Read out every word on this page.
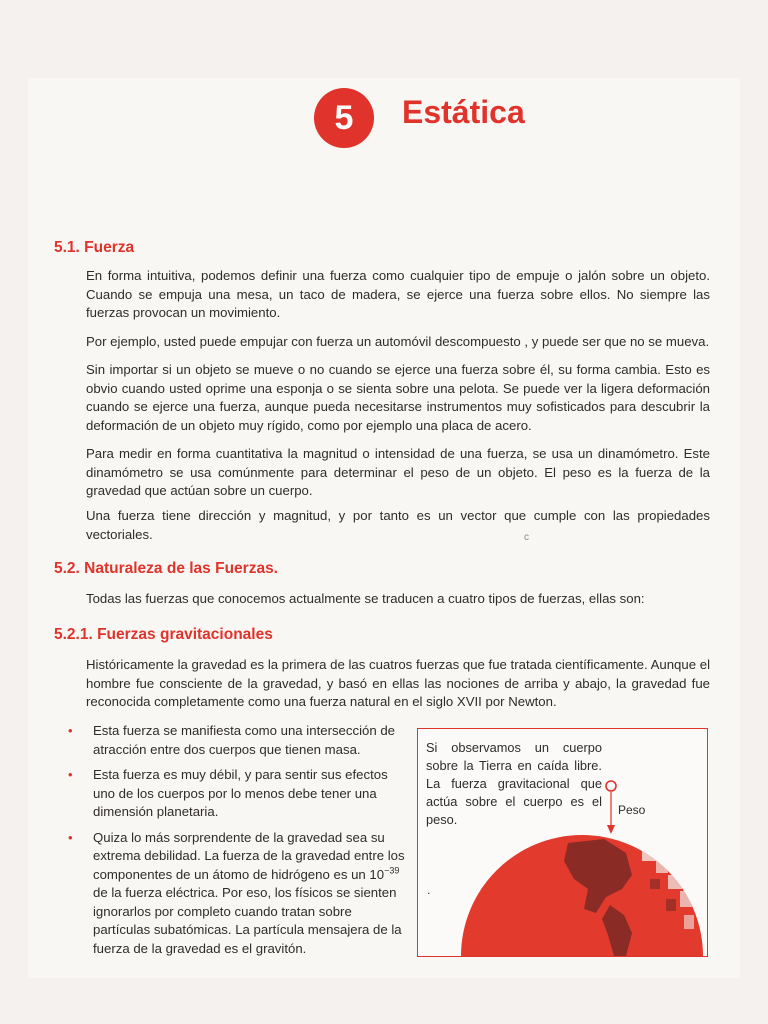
5	Estática
5.1. Fuerza

En forma intuitiva, podemos definir una fuerza como cualquier tipo de empuje o jalón sobre un objeto. Cuando se empuja una mesa, un taco de madera, se ejerce una fuerza sobre ellos. No siempre las fuerzas provocan un movimiento.

Por ejemplo, usted puede empujar con fuerza un automóvil descompuesto , y puede ser que no se mueva.

Sin importar si un objeto se mueve o no cuando se ejerce una fuerza sobre él, su forma cambia. Esto es obvio cuando usted oprime una esponja o se sienta sobre una pelota. Se puede ver la ligera deformación cuando se ejerce una fuerza, aunque pueda necesitarse instrumentos muy sofisticados para descubrir la deformación de un objeto muy rígido, como por ejemplo una placa de acero.

Para medir en forma cuantitativa la magnitud o intensidad de una fuerza, se usa un dinamómetro. Este dinamómetro se usa comúnmente para determinar el peso de un objeto. El peso es la fuerza de la gravedad que actúan sobre un cuerpo.

Una fuerza tiene dirección y magnitud, y por tanto es un vector que cumple con las propiedades vectoriales.	c
5.2. Naturaleza de las Fuerzas.

Todas las fuerzas que conocemos actualmente se traducen a cuatro tipos de fuerzas, ellas son:

5.2.1. Fuerzas gravitacionales

Históricamente la gravedad es la primera de las cuatros fuerzas que fue tratada científicamente. Aunque el hombre fue consciente de la gravedad, y basó en ellas las nociones de arriba y abajo, la gravedad fue reconocida completamente como una fuerza natural en el siglo XVII por Newton.

• Esta fuerza se manifiesta como una intersección de atracción entre dos cuerpos que tienen masa.
• Esta fuerza es muy débil, y para sentir sus efectos uno de los cuerpos por lo menos debe tener una dimensión planetaria.
• Quiza lo más sorprendente de la gravedad sea su extrema debilidad. La fuerza de la gravedad entre los componentes de un átomo de hidrógeno es un $10^{-39}$ de la fuerza eléctrica. Por eso, los físicos se sienten ignorarlos por completo cuando tratan sobre partículas subatómicas. La partícula mensajera de la fuerza de la gravedad es el gravitón.
.
Si observamos un cuerpo sobre la Tierra en caída libre. La fuerza gravitacional que actúa sobre el cuerpo es el peso.
Peso
